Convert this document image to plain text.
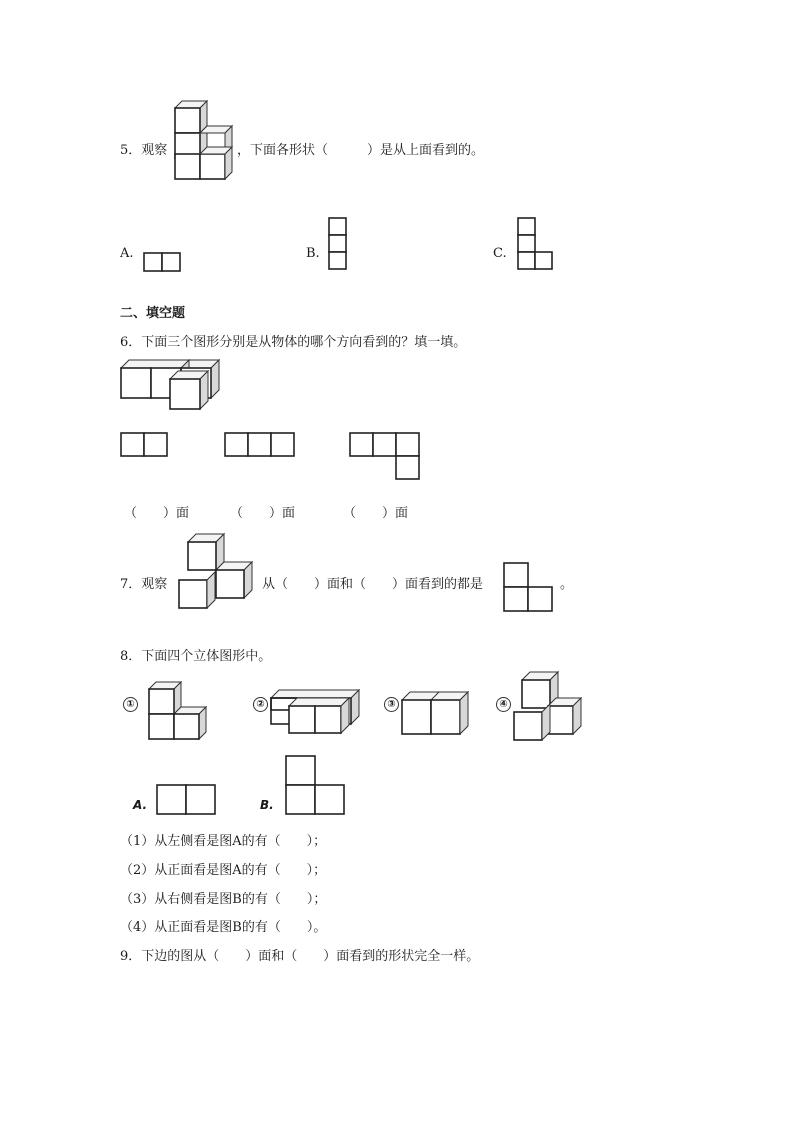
5．观察	，下面各形状（　　　）是从上面看到的。
A.	B.	C.
二、填空题
6．下面三个图形分别是从物体的哪个方向看到的？填一填。
（　　）面	（　　）面	（　　）面
7．观察	从（　　）面和（　　）面看到的都是	。
8．下面四个立体图形中。
①	②	③	④
A.	B.
（1）从左侧看是图A的有（　　）；
（2）从正面看是图A的有（　　）；
（3）从右侧看是图B的有（　　）；
（4）从正面看是图B的有（　　）。
9．下边的图从（　　）面和（　　）面看到的形状完全一样。
